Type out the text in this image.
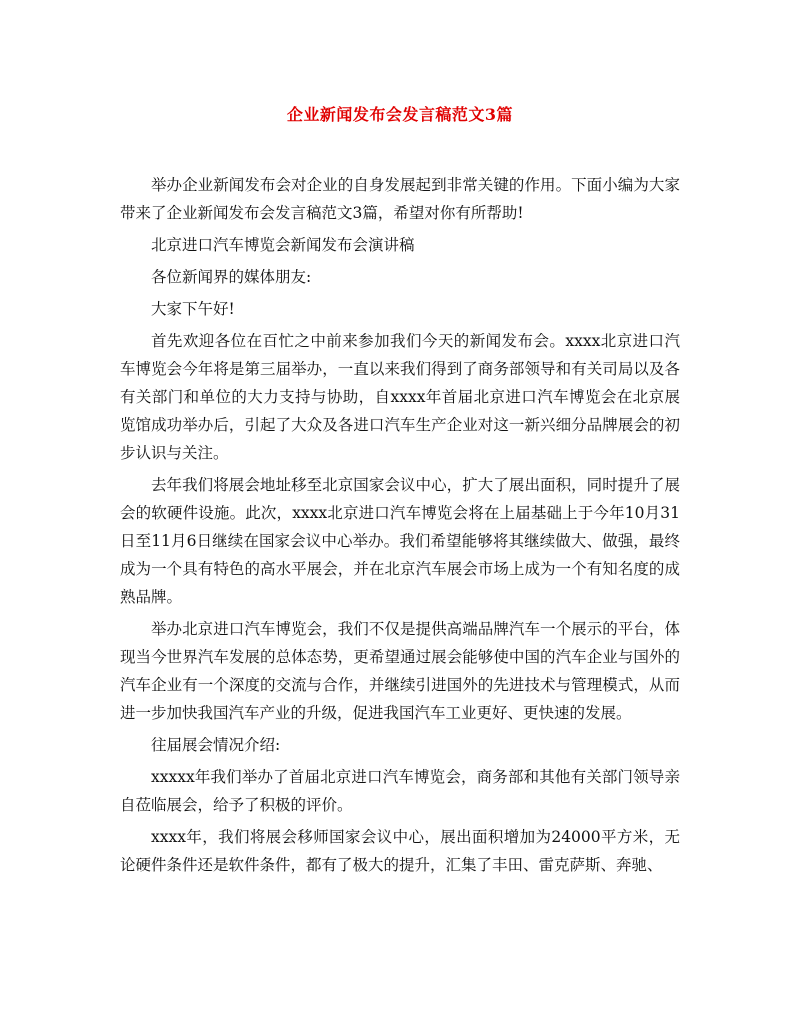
企业新闻发布会发言稿范文3篇

举办企业新闻发布会对企业的自身发展起到非常关键的作用。下面小编为大家带来了企业新闻发布会发言稿范文3篇，希望对你有所帮助!

北京进口汽车博览会新闻发布会演讲稿

各位新闻界的媒体朋友:

大家下午好!

首先欢迎各位在百忙之中前来参加我们今天的新闻发布会。xxxx北京进口汽车博览会今年将是第三届举办，一直以来我们得到了商务部领导和有关司局以及各有关部门和单位的大力支持与协助，自xxxx年首届北京进口汽车博览会在北京展览馆成功举办后，引起了大众及各进口汽车生产企业对这一新兴细分品牌展会的初步认识与关注。

去年我们将展会地址移至北京国家会议中心，扩大了展出面积，同时提升了展会的软硬件设施。此次，xxxx北京进口汽车博览会将在上届基础上于今年10月31日至11月6日继续在国家会议中心举办。我们希望能够将其继续做大、做强，最终成为一个具有特色的高水平展会，并在北京汽车展会市场上成为一个有知名度的成熟品牌。

举办北京进口汽车博览会，我们不仅是提供高端品牌汽车一个展示的平台，体现当今世界汽车发展的总体态势，更希望通过展会能够使中国的汽车企业与国外的汽车企业有一个深度的交流与合作，并继续引进国外的先进技术与管理模式，从而进一步加快我国汽车产业的升级，促进我国汽车工业更好、更快速的发展。

往届展会情况介绍:

xxxxx年我们举办了首届北京进口汽车博览会，商务部和其他有关部门领导亲自莅临展会，给予了积极的评价。

xxxx年，我们将展会移师国家会议中心，展出面积增加为24000平方米，无论硬件条件还是软件条件，都有了极大的提升，汇集了丰田、雷克萨斯、奔驰、
